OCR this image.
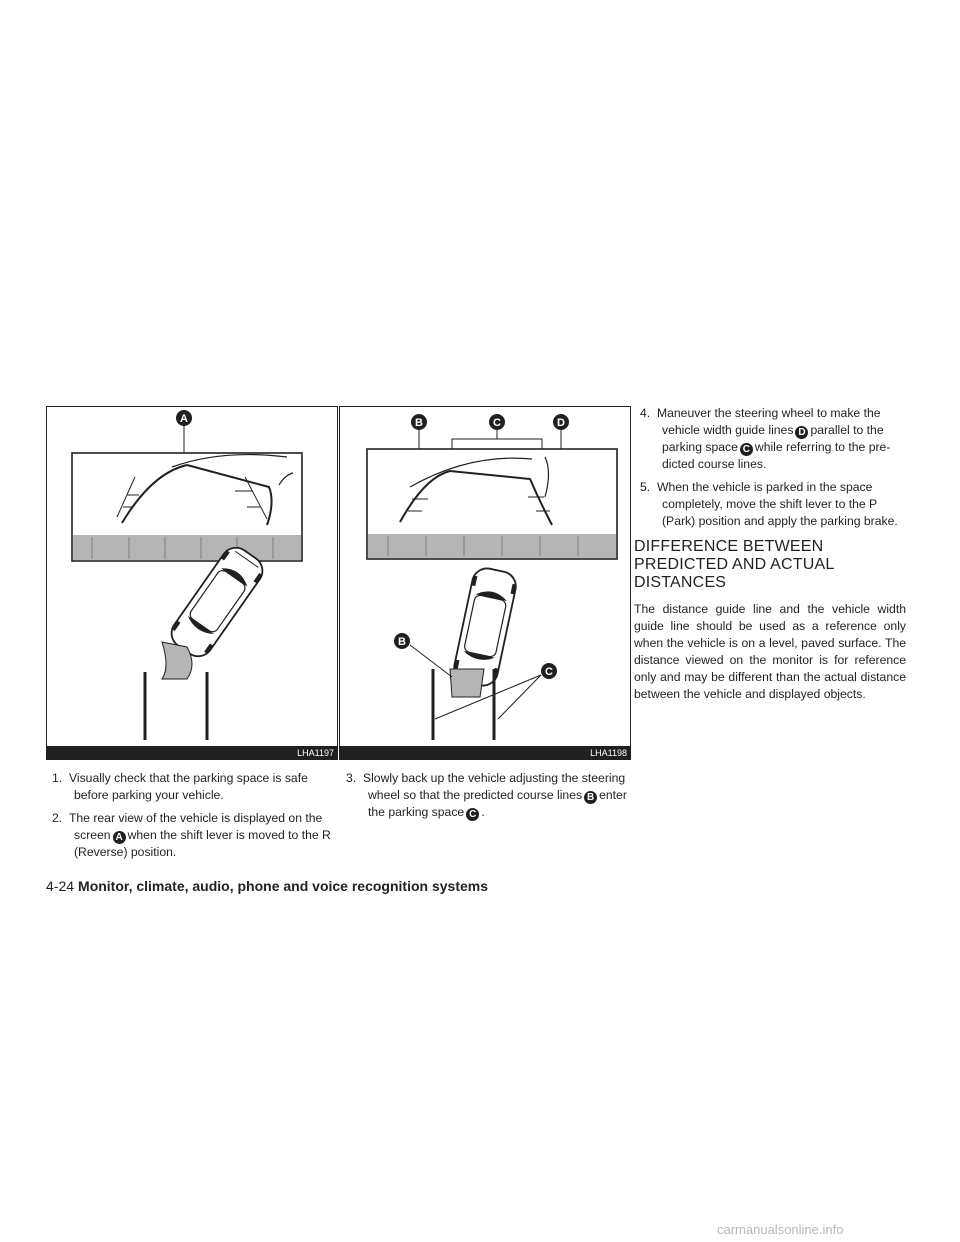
A
LHA1197
B	C	D
B
C
LHA1198

1. Visually check that the parking space is safe before parking your vehicle.

2. The rear view of the vehicle is displayed on the screen A when the shift lever is moved to the R (Reverse) position.

3. Slowly back up the vehicle adjusting the steering wheel so that the predicted course lines B enter the parking space C .

4. Maneuver the steering wheel to make the vehicle width guide lines D parallel to the parking space C while referring to the pre-dicted course lines.

5. When the vehicle is parked in the space completely, move the shift lever to the P (Park) position and apply the parking brake.

DIFFERENCE BETWEEN PREDICTED AND ACTUAL DISTANCES

The distance guide line and the vehicle width guide line should be used as a reference only when the vehicle is on a level, paved surface. The distance viewed on the monitor is for reference only and may be different than the actual distance between the vehicle and displayed objects.

4-24 Monitor, climate, audio, phone and voice recognition systems
carmanualsonline.info
